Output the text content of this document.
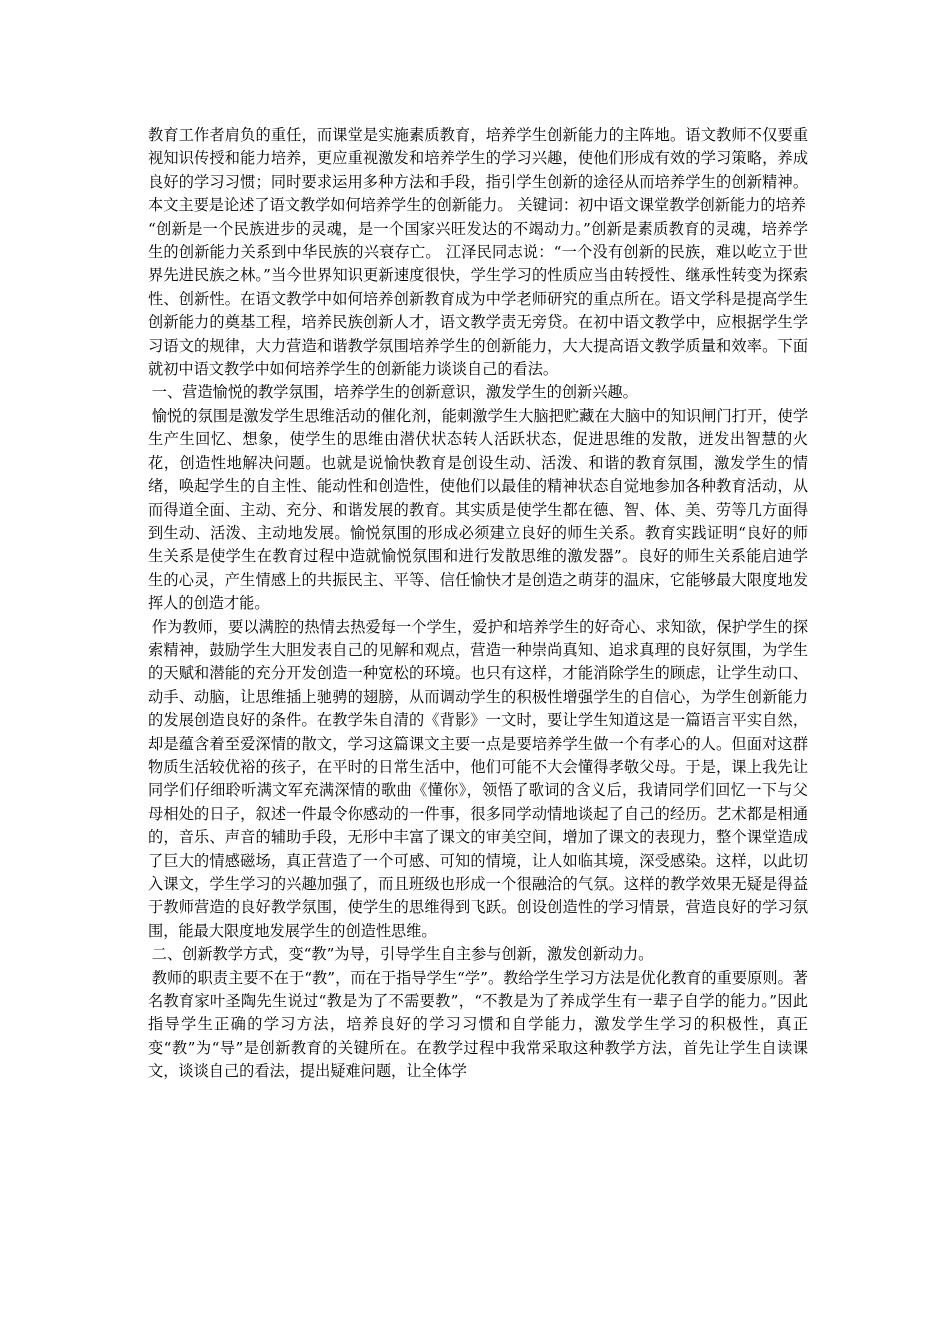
教育工作者肩负的重任，而课堂是实施素质教育，培养学生创新能力的主阵地。语文教师不仅要重视知识传授和能力培养，更应重视激发和培养学生的学习兴趣，使他们形成有效的学习策略，养成良好的学习习惯；同时要求运用多种方法和手段，指引学生创新的途径从而培养学生的创新精神。本文主要是论述了语文教学如何培养学生的创新能力。 关键词：初中语文课堂教学创新能力的培养

“创新是一个民族进步的灵魂，是一个国家兴旺发达的不竭动力。”创新是素质教育的灵魂，培养学生的创新能力关系到中华民族的兴衰存亡。 江泽民同志说：“一个没有创新的民族，难以屹立于世界先进民族之林。”当今世界知识更新速度很快，学生学习的性质应当由转授性、继承性转变为探索性、创新性。在语文教学中如何培养创新教育成为中学老师研究的重点所在。语文学科是提高学生创新能力的奠基工程，培养民族创新人才，语文教学责无旁贷。在初中语文教学中，应根据学生学习语文的规律，大力营造和谐教学氛围培养学生的创新能力，大大提高语文教学质量和效率。下面就初中语文教学中如何培养学生的创新能力谈谈自己的看法。

一、营造愉悦的教学氛围，培养学生的创新意识，激发学生的创新兴趣。

愉悦的氛围是激发学生思维活动的催化剂，能刺激学生大脑把贮藏在大脑中的知识闸门打开，使学生产生回忆、想象，使学生的思维由潜伏状态转人活跃状态，促进思维的发散，迸发出智慧的火花，创造性地解决问题。也就是说愉快教育是创设生动、活泼、和谐的教育氛围，激发学生的情绪，唤起学生的自主性、能动性和创造性，使他们以最佳的精神状态自觉地参加各种教育活动，从而得道全面、主动、充分、和谐发展的教育。其实质是使学生都在德、智、体、美、劳等几方面得到生动、活泼、主动地发展。愉悦氛围的形成必须建立良好的师生关系。教育实践证明“良好的师生关系是使学生在教育过程中造就愉悦氛围和进行发散思维的激发器”。良好的师生关系能启迪学生的心灵，产生情感上的共振民主、平等、信任愉快才是创造之萌芽的温床，它能够最大限度地发挥人的创造才能。

作为教师，要以满腔的热情去热爱每一个学生，爱护和培养学生的好奇心、求知欲，保护学生的探索精神，鼓励学生大胆发表自己的见解和观点，营造一种崇尚真知、追求真理的良好氛围，为学生的天赋和潜能的充分开发创造一种宽松的环境。也只有这样，才能消除学生的顾虑，让学生动口、动手、动脑，让思维插上驰骋的翅膀，从而调动学生的积极性增强学生的自信心，为学生创新能力的发展创造良好的条件。在教学朱自清的《背影》一文时，要让学生知道这是一篇语言平实自然，却是蕴含着至爱深情的散文，学习这篇课文主要一点是要培养学生做一个有孝心的人。但面对这群物质生活较优裕的孩子，在平时的日常生活中，他们可能不大会懂得孝敬父母。于是，课上我先让同学们仔细聆听满文军充满深情的歌曲《懂你》，领悟了歌词的含义后，我请同学们回忆一下与父母相处的日子，叙述一件最令你感动的一件事，很多同学动情地谈起了自己的经历。艺术都是相通的，音乐、声音的辅助手段，无形中丰富了课文的审美空间，增加了课文的表现力，整个课堂造成了巨大的情感磁场，真正营造了一个可感、可知的情境，让人如临其境，深受感染。这样，以此切入课文，学生学习的兴趣加强了，而且班级也形成一个很融洽的气氛。这样的教学效果无疑是得益于教师营造的良好教学氛围，使学生的思维得到飞跃。创设创造性的学习情景，营造良好的学习氛围，能最大限度地发展学生的创造性思维。

二、创新教学方式，变“教”为导，引导学生自主参与创新，激发创新动力。

教师的职责主要不在于“教”，而在于指导学生“学”。教给学生学习方法是优化教育的重要原则。著名教育家叶圣陶先生说过“教是为了不需要教”，“不教是为了养成学生有一辈子自学的能力。”因此指导学生正确的学习方法，培养良好的学习习惯和自学能力，激发学生学习的积极性，真正变“教”为“导”是创新教育的关键所在。在教学过程中我常采取这种教学方法，首先让学生自读课文，谈谈自己的看法，提出疑难问题，让全体学
